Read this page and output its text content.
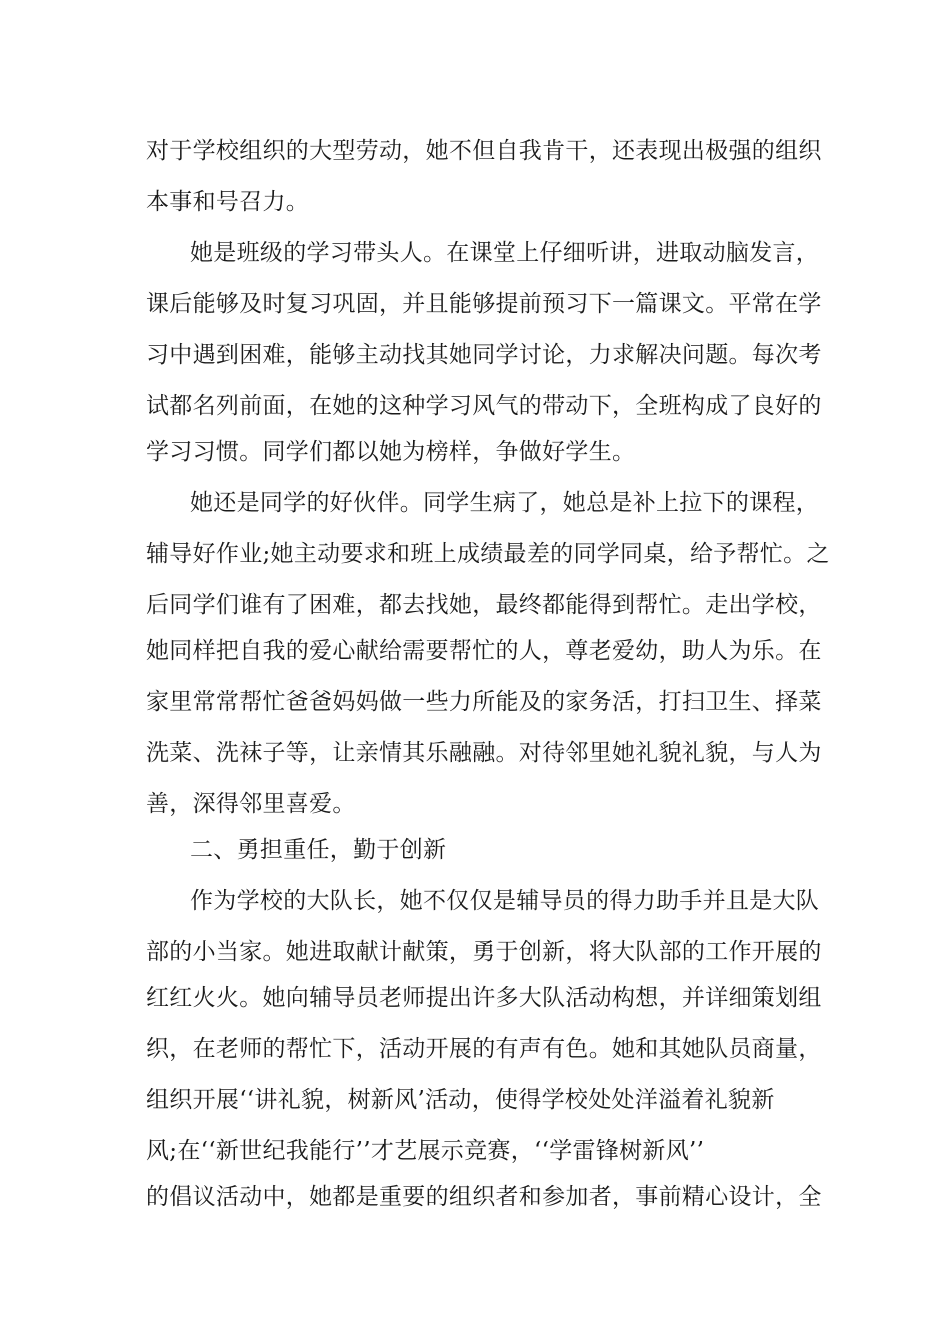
对于学校组织的大型劳动，她不但自我肯干，还表现出极强的组织
本事和号召力。
她是班级的学习带头人。在课堂上仔细听讲，进取动脑发言，
课后能够及时复习巩固，并且能够提前预习下一篇课文。平常在学
习中遇到困难，能够主动找其她同学讨论，力求解决问题。每次考
试都名列前面，在她的这种学习风气的带动下，全班构成了良好的
学习习惯。同学们都以她为榜样，争做好学生。
她还是同学的好伙伴。同学生病了，她总是补上拉下的课程，
辅导好作业;她主动要求和班上成绩最差的同学同桌，给予帮忙。之
后同学们谁有了困难，都去找她，最终都能得到帮忙。走出学校，
她同样把自我的爱心献给需要帮忙的人，尊老爱幼，助人为乐。在
家里常常帮忙爸爸妈妈做一些力所能及的家务活，打扫卫生、择菜
洗菜、洗袜子等，让亲情其乐融融。对待邻里她礼貌礼貌，与人为
善，深得邻里喜爱。
二、勇担重任，勤于创新
作为学校的大队长，她不仅仅是辅导员的得力助手并且是大队
部的小当家。她进取献计献策，勇于创新，将大队部的工作开展的
红红火火。她向辅导员老师提出许多大队活动构想，并详细策划组
织，在老师的帮忙下，活动开展的有声有色。她和其她队员商量，
组织开展‘‘讲礼貌，树新风’活动，使得学校处处洋溢着礼貌新
风;在‘‘新世纪我能行’’才艺展示竞赛，‘‘学雷锋树新风’’
的倡议活动中，她都是重要的组织者和参加者，事前精心设计，全
